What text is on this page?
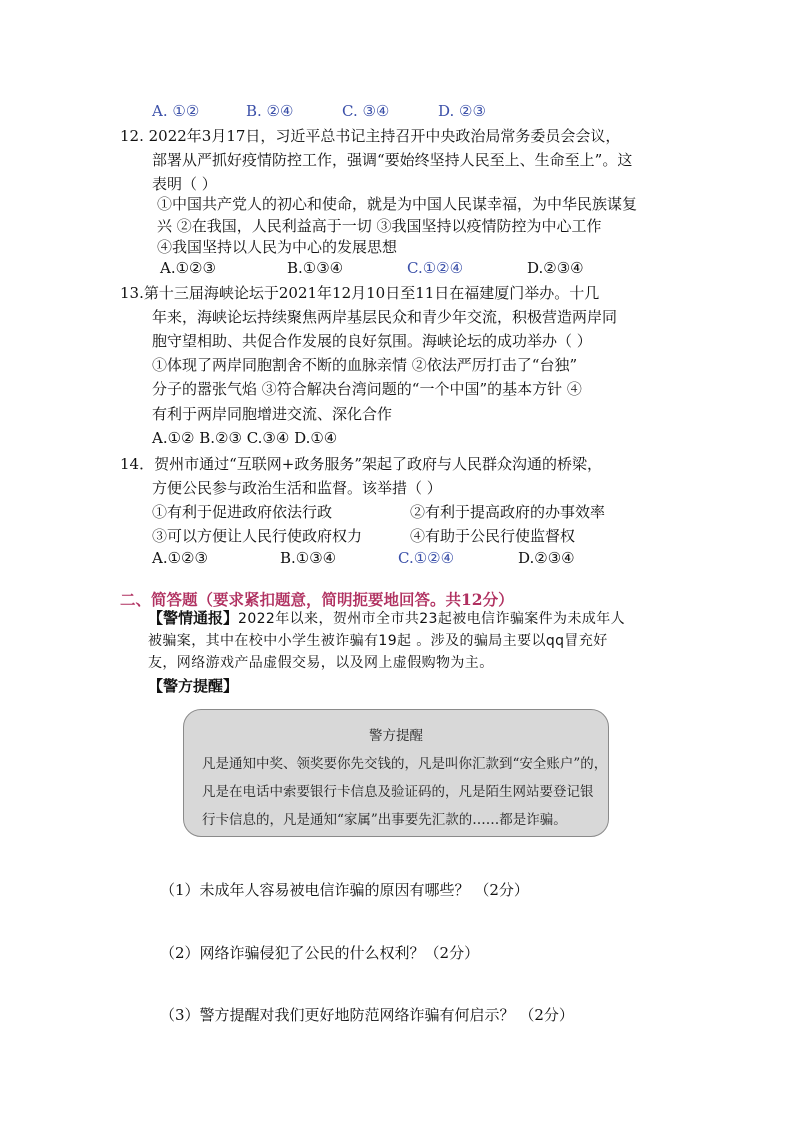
A. ①②	B. ②④	C. ③④	D. ②③
12. 2022年3月17日，习近平总书记主持召开中央政治局常务委员会会议，
部署从严抓好疫情防控工作，强调“要始终坚持人民至上、生命至上”。这
表明（ ）
①中国共产党人的初心和使命，就是为中国人民谋幸福，为中华民族谋复
兴 ②在我国，人民利益高于一切 ③我国坚持以疫情防控为中心工作
④我国坚持以人民为中心的发展思想
A.①②③	B.①③④	C.①②④	D.②③④
13.第十三届海峡论坛于2021年12月10日至11日在福建厦门举办。十几
年来，海峡论坛持续聚焦两岸基层民众和青少年交流，积极营造两岸同
胞守望相助、共促合作发展的良好氛围。海峡论坛的成功举办（ ）
①体现了两岸同胞割舍不断的血脉亲情 ②依法严厉打击了“台独”
分子的嚣张气焰 ③符合解决台湾问题的“一个中国”的基本方针 ④
有利于两岸同胞增进交流、深化合作
A.①② B.②③ C.③④ D.①④
14．贺州市通过“互联网+政务服务”架起了政府与人民群众沟通的桥梁，
方便公民参与政治生活和监督。该举措（ ）
①有利于促进政府依法行政	②有利于提高政府的办事效率
③可以方便让人民行使政府权力	④有助于公民行使监督权
A.①②③	B.①③④	C.①②④	D.②③④
二、简答题（要求紧扣题意，简明扼要地回答。共12分）
【警情通报】2022年以来，贺州市全市共23起被电信诈骗案件为未成年人
被骗案，其中在校中小学生被诈骗有19起 。涉及的骗局主要以qq冒充好
友，网络游戏产品虚假交易，以及网上虚假购物为主。
【警方提醒】
警方提醒
凡是通知中奖、领奖要你先交钱的，凡是叫你汇款到“安全账户”的，
凡是在电话中索要银行卡信息及验证码的，凡是陌生网站要登记银
行卡信息的，凡是通知“家属”出事要先汇款的……都是诈骗。
（1）未成年人容易被电信诈骗的原因有哪些？ （2分）
（2）网络诈骗侵犯了公民的什么权利？（2分）
（3）警方提醒对我们更好地防范网络诈骗有何启示？ （2分）
